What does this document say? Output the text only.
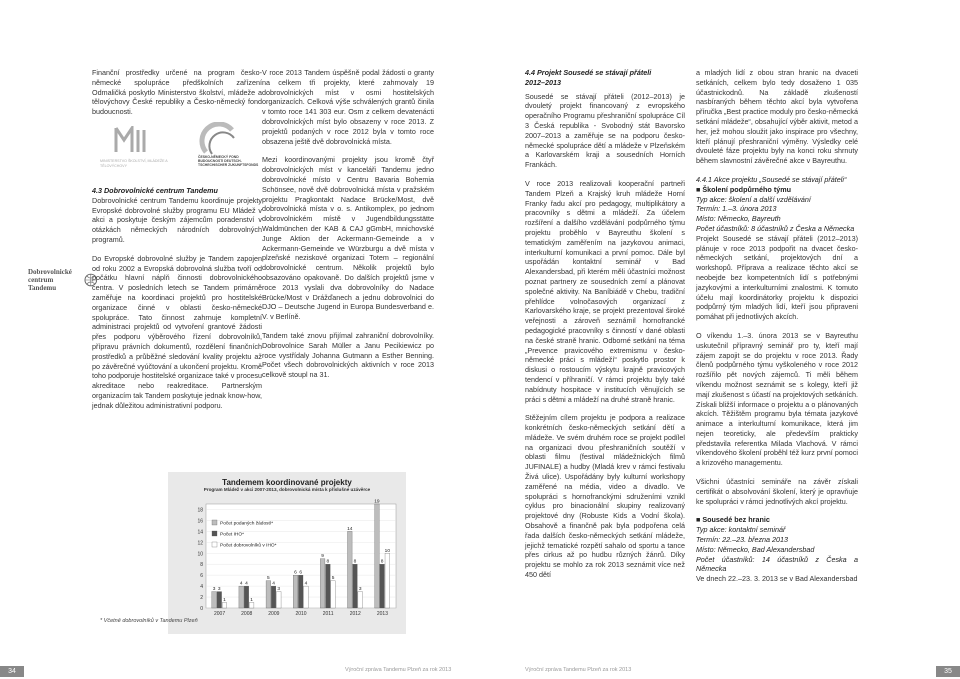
Finanční prostředky určené na program česko-německé spolupráce předškolních zařízení Odmaličká poskytlo Ministerstvo školství, mládeže a tělovýchovy České republiky a Česko-německý fond budoucnosti.

MINISTERSTVO ŠKOLSTVÍ, MLÁDEŽE A TĚLOVÝCHOVY
ČESKO-NĚMECKÝ FOND BUDOUCNOSTI DEUTSCH-TSCHECHISCHER ZUKUNFTSFONDS

4.3 Dobrovolnické centrum Tandemu

Dobrovolnické centrum Tandemu koordinuje projekty Evropské dobrovolné služby programu EU Mládež v akci a poskytuje českým zájemcům poradenství v otázkách německých národních dobrovolných programů.

Do Evropské dobrovolné služby je Tandem zapojen od roku 2002 a Evropská dobrovolná služba tvoří od počátku hlavní náplň činnosti dobrovolnického centra. V posledních letech se Tandem primárně zaměřuje na koordinaci projektů pro hostitelské organizace činné v oblasti česko-německé spolupráce. Tato činnost zahrnuje kompletní administraci projektů od vytvoření grantové žádosti přes podporu výběrového řízení dobrovolníků, přípravu právních dokumentů, rozdělení finančních prostředků a průběžné sledování kvality projektu až po závěrečné vyúčtování a ukončení projektu. Kromě toho podporuje hostitelské organizace také v procesu akreditace nebo reakreditace. Partnerským organizacím tak Tandem poskytuje jednak know-how, jednak důležitou administrativní podporu.

Dobrovolnické
centrum Tandemu

V roce 2013 Tandem úspěšně podal žádosti o granty na celkem tři projekty, které zahrnovaly 19 dobrovolnických míst v osmi hostitelských organizacích. Celková výše schválených grantů činila v tomto roce 141 303 eur. Osm z celkem devatenácti dobrovolnických míst bylo obsazeny v roce 2013. Z projektů podaných v roce 2012 byla v tomto roce obsazena ještě dvě dobrovolnická místa.

Mezi koordinovanými projekty jsou kromě čtyř dobrovolnických míst v kanceláři Tandemu jedno dobrovolnické místo v Centru Bavaria Bohemia Schönsee, nově dvě dobrovolnická místa v pražském projektu Pragkontakt Nadace Brücke/Most, dvě dobrovolnická místa v o. s. Antikomplex, po jednom dobrovolnickém místě v Jugendbildungsstätte Waldmünchen der KAB & CAJ gGmbH, mnichovské Junge Aktion der Ackermann-Gemeinde a v Ackermann-Gemeinde ve Würzburgu a dvě místa v plzeňské neziskové organizaci Totem – regionální dobrovolnické centrum. Několik projektů bylo obsazováno opakovaně. Do dalších projektů jsme v roce 2013 vyslali dva dobrovolníky do Nadace Brücke/Most v Drážďanech a jednu dobrovolnici do DJO – Deutsche Jugend in Europa Bundesverband e. V. v Berlíně.

Tandem také znovu přijímal zahraniční dobrovolníky. Dobrovolnice Sarah Müller a Janu Pecikiewicz po roce vystřídaly Johanna Gutmann a Esther Benning. Počet všech dobrovolnických aktivních v roce 2013 celkově stoupl na 31.

Tandemem koordinované projekty
Program Mládež v akci 2007-2013, dobrovolnická místa k příslušné uzávěrce
0
2
4
6
8
10
12
14
16
18
3 3
1
2007
4 4
1
2008
5
4
3
2009
6 6
4
2010
9
8
5
2011
14
8
3
2012
19
8
10
2013
Počet podaných žádostí*
Počet IHO*
Počet dobrovolníků v IHO*
* Včetně dobrovolníků v Tandemu Plzeň

4.4 Projekt Sousedé se stávají přáteli

2012–2013

Sousedé se stávají přáteli (2012–2013) je dvouletý projekt financovaný z evropského operačního Programu přeshraniční spolupráce Cíl 3 Česká republika - Svobodný stát Bavorsko 2007–2013 a zaměřuje se na podporu česko-německé spolupráce dětí a mládeže v Plzeňském a Karlovarském kraji a sousedních Horních Frankách.

V roce 2013 realizovali kooperační partneři Tandem Plzeň a Krajský kruh mládeže Horní Franky řadu akcí pro pedagogy, multiplikátory a pracovníky s dětmi a mládeží. Za účelem rozšíření a dalšího vzdělávání podpůrného týmu projektu proběhlo v Bayreuthu školení s tematickým zaměřením na jazykovou animaci, interkulturní komunikaci a první pomoc. Dále byl uspořádán kontaktní seminář v Bad Alexandersbad, při kterém měli účastníci možnost poznat partnery ze sousedních zemí a plánovat společné aktivity. Na Baníbiádě v Chebu, tradiční přehlídce volnočasových organizací z Karlovarského kraje, se projekt prezentoval široké veřejnosti a zároveň seznámil hornofrancké pedagogické pracovníky s činností v dané oblasti na české straně hranic. Odborné setkání na téma „Prevence pravicového extremismu v česko-německé práci s mládeží“ poskytlo prostor k diskusi o rostoucím výskytu krajně pravicových tendencí v příhraničí. V rámci projektu byly také nabídnuty hospitace v institucích věnujících se práci s dětmi a mládeží na druhé straně hranic.

Stěžejním cílem projektu je podpora a realizace konkrétních česko-německých setkání dětí a mládeže. Ve svém druhém roce se projekt podílel na organizaci dvou přeshraničních soutěží v oblasti filmu (festival mládežnických filmů JUFINALE) a hudby (Mladá krev v rámci festivalu Živá ulice). Uspořádány byly kulturní workshopy zaměřené na média, video a divadlo. Ve spolupráci s hornofranckými sdruženími vznikl cyklus pro binacionální skupiny realizovaný projektové dny (Robuste Kids a Vodní škola). Obsahově a finančně pak byla podpořena celá řada dalších česko-německých setkání mládeže, jejichž tematické rozpětí sahalo od sportu a tance přes cirkus až po hudbu různých žánrů. Díky projektu se mohlo za rok 2013 seznámit více než 450 dětí

a mladých lidí z obou stran hranic na dvaceti setkáních, celkem bylo tedy dosaženo 1 035 účastnickodnů. Na základě zkušeností nasbíraných během těchto akcí byla vytvořena příručka „Best practice moduly pro česko-německá setkání mládeže“, obsahující výběr aktivit, metod a her, jež mohou sloužit jako inspirace pro všechny, kteří plánují přeshraniční výměny. Výsledky celé dvouleté fáze projektu byly na konci roku shrnuty během slavnostní závěrečné akce v Bayreuthu.

4.4.1 Akce projektu „Sousedé se stávají přáteli“

■ Školení podpůrného týmu

Typ akce: školení a další vzdělávání

Termín: 1.–3. února 2013

Místo: Německo, Bayreuth

Počet účastníků: 8 účastníků z Česka a Německa

Projekt Sousedé se stávají přáteli (2012–2013) plánuje v roce 2013 podpořit na dvacet česko-německých setkání, projektových dní a workshopů. Příprava a realizace těchto akcí se neobejde bez kompetentních lidí s potřebnými jazykovými a interkulturními znalostmi. K tomuto účelu mají koordinátorky projektu k dispozici podpůrný tým mladých lidí, kteří jsou připraveni pomáhat při jednotlivých akcích.

O víkendu 1.–3. února 2013 se v Bayreuthu uskutečnil přípravný seminář pro ty, kteří mají zájem zapojit se do projektu v roce 2013. Řady členů podpůrného týmu vyškoleného v roce 2012 rozšířilo pět nových zájemců. Ti měli během víkendu možnost seznámit se s kolegy, kteří již mají zkušenost s účastí na projektových setkáních. Získali bližší informace o projektu a o plánovaných akcích. Těžištěm programu byla témata jazykové animace a interkulturní komunikace, která jim nejen teoreticky, ale především prakticky představila referentka Milada Vlachová. V rámci víkendového školení proběhl též kurz první pomoci a krizového managementu.

Všichni účastníci semináře na závěr získali certifikát o absolvování školení, který je opravňuje ke spolupráci v rámci jednotlivých akcí projektu.

■ Sousedé bez hranic

Typ akce: kontaktní seminář

Termín: 22.–23. března 2013

Místo: Německo, Bad Alexandersbad

Počet účastníků: 14 účastníků z Česka a Německa

Ve dnech 22.–23. 3. 2013 se v Bad Alexandersbad

34	Výroční zpráva Tandemu Plzeň za rok 2013	Výroční zpráva Tandemu Plzeň za rok 2013	35
